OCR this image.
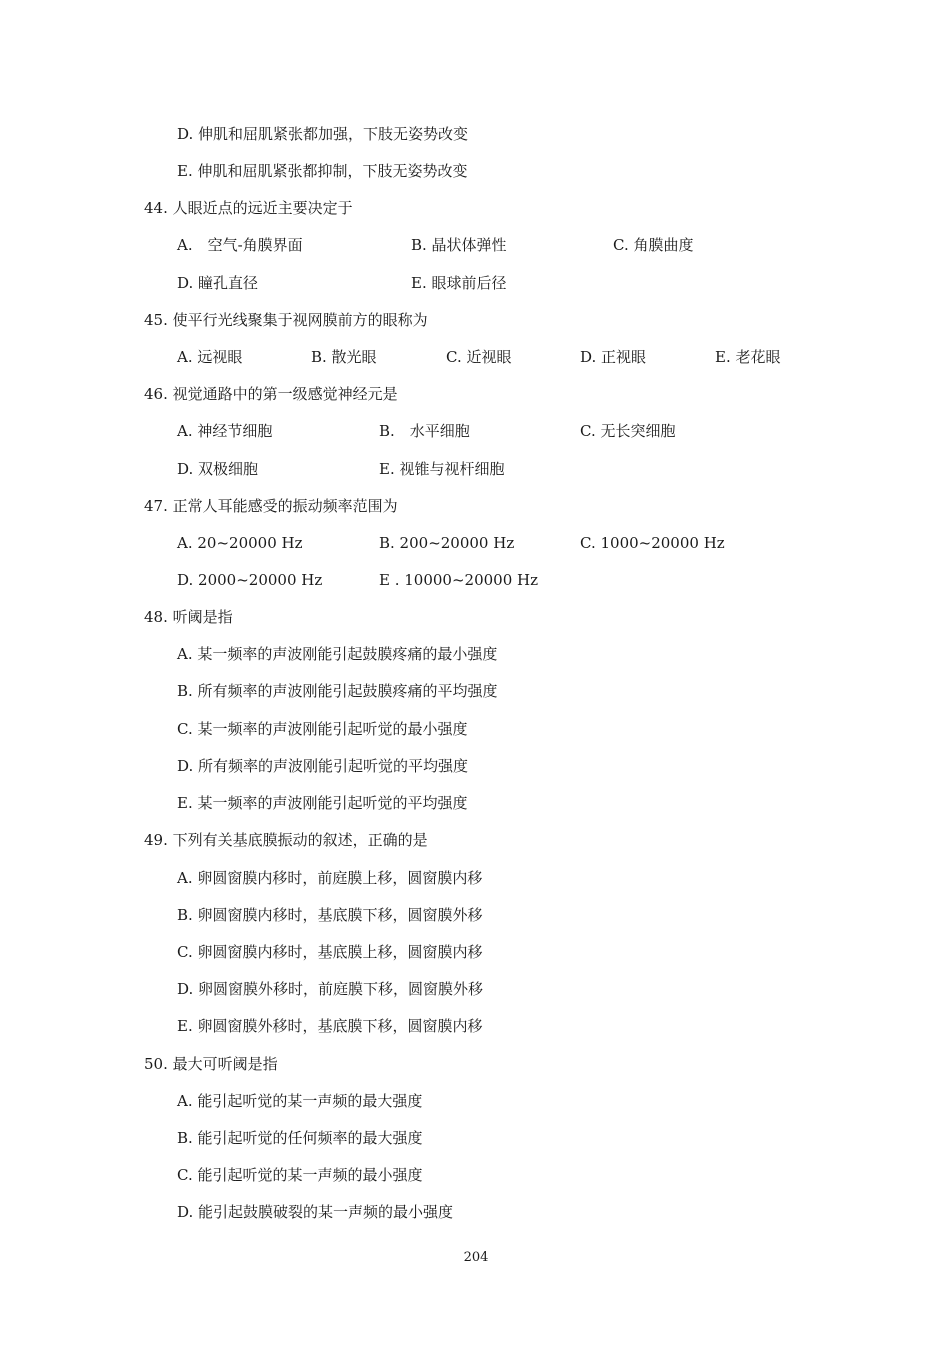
D. 伸肌和屈肌紧张都加强，下肢无姿势改变
E. 伸肌和屈肌紧张都抑制，下肢无姿势改变
44. 人眼近点的远近主要决定于
A.　空气-角膜界面	B. 晶状体弹性	C. 角膜曲度
D. 瞳孔直径	E. 眼球前后径
45. 使平行光线聚集于视网膜前方的眼称为
A. 远视眼	B. 散光眼	C. 近视眼	D. 正视眼	E. 老花眼
46. 视觉通路中的第一级感觉神经元是
A. 神经节细胞	B.　水平细胞	C. 无长突细胞
D. 双极细胞	E. 视锥与视杆细胞
47. 正常人耳能感受的振动频率范围为
A. 20~20000 Hz	B. 200~20000 Hz	C. 1000~20000 Hz
D. 2000~20000 Hz	E . 10000~20000 Hz
48. 听阈是指
A. 某一频率的声波刚能引起鼓膜疼痛的最小强度
B. 所有频率的声波刚能引起鼓膜疼痛的平均强度
C. 某一频率的声波刚能引起听觉的最小强度
D. 所有频率的声波刚能引起听觉的平均强度
E. 某一频率的声波刚能引起听觉的平均强度
49. 下列有关基底膜振动的叙述，正确的是
A. 卵圆窗膜内移时，前庭膜上移，圆窗膜内移
B. 卵圆窗膜内移时，基底膜下移，圆窗膜外移
C. 卵圆窗膜内移时，基底膜上移，圆窗膜内移
D. 卵圆窗膜外移时，前庭膜下移，圆窗膜外移
E. 卵圆窗膜外移时，基底膜下移，圆窗膜内移
50. 最大可听阈是指
A. 能引起听觉的某一声频的最大强度
B. 能引起听觉的任何频率的最大强度
C. 能引起听觉的某一声频的最小强度
D. 能引起鼓膜破裂的某一声频的最小强度
204
